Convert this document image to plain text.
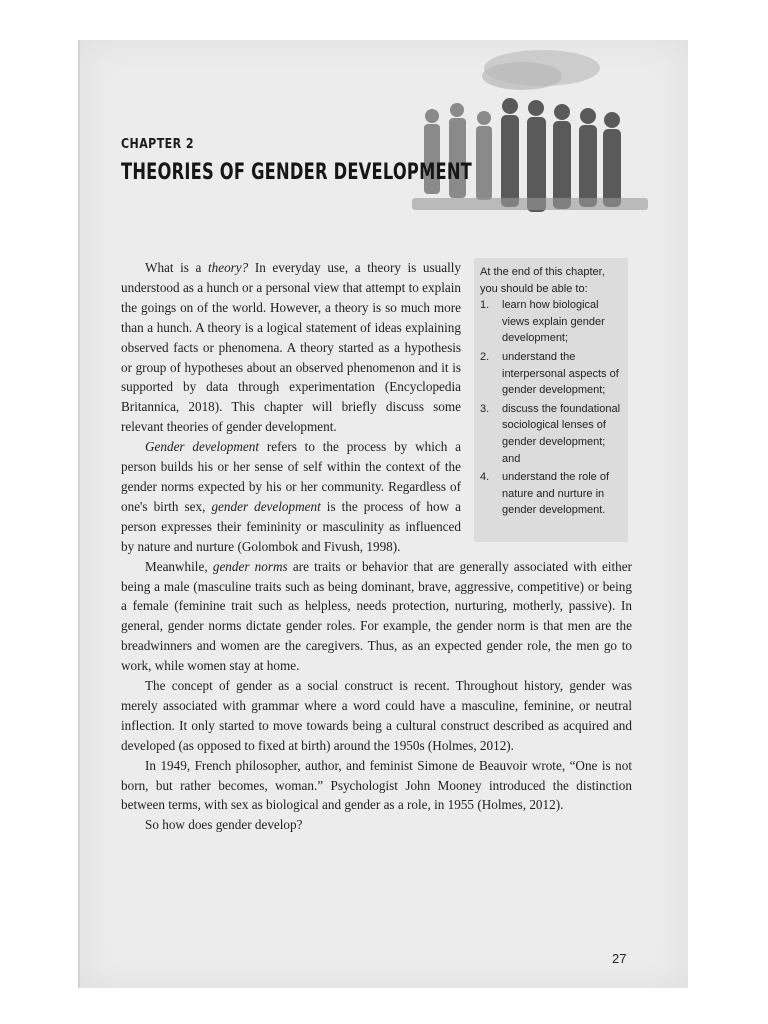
CHAPTER 2
THEORIES OF GENDER DEVELOPMENT
At the end of this chapter, you should be able to:
1. learn how biological views explain gender development;
2. understand the interpersonal aspects of gender development;
3. discuss the foundational sociological lenses of gender development; and
4. understand the role of nature and nurture in gender development.

What is a theory? In everyday use, a theory is usually understood as a hunch or a personal view that attempt to explain the goings on of the world. However, a theory is so much more than a hunch. A theory is a logical statement of ideas explaining observed facts or phenomena. A theory started as a hypothesis or group of hypotheses about an observed phenomenon and it is supported by data through experimentation (Encyclopedia Britannica, 2018). This chapter will briefly discuss some relevant theories of gender development.

Gender development refers to the process by which a person builds his or her sense of self within the context of the gender norms expected by his or her community. Regardless of one's birth sex, gender development is the process of how a person expresses their femininity or masculinity as influenced by nature and nurture (Golombok and Fivush, 1998).

Meanwhile, gender norms are traits or behavior that are generally associated with either being a male (masculine traits such as being dominant, brave, aggressive, competitive) or being a female (feminine trait such as helpless, needs protection, nurturing, motherly, passive). In general, gender norms dictate gender roles. For example, the gender norm is that men are the breadwinners and women are the caregivers. Thus, as an expected gender role, the men go to work, while women stay at home.

The concept of gender as a social construct is recent. Throughout history, gender was merely associated with grammar where a word could have a masculine, feminine, or neutral inflection. It only started to move towards being a cultural construct described as acquired and developed (as opposed to fixed at birth) around the 1950s (Holmes, 2012).

In 1949, French philosopher, author, and feminist Simone de Beauvoir wrote, “One is not born, but rather becomes, woman.” Psychologist John Mooney introduced the distinction between terms, with sex as biological and gender as a role, in 1955 (Holmes, 2012).

So how does gender develop?

27
